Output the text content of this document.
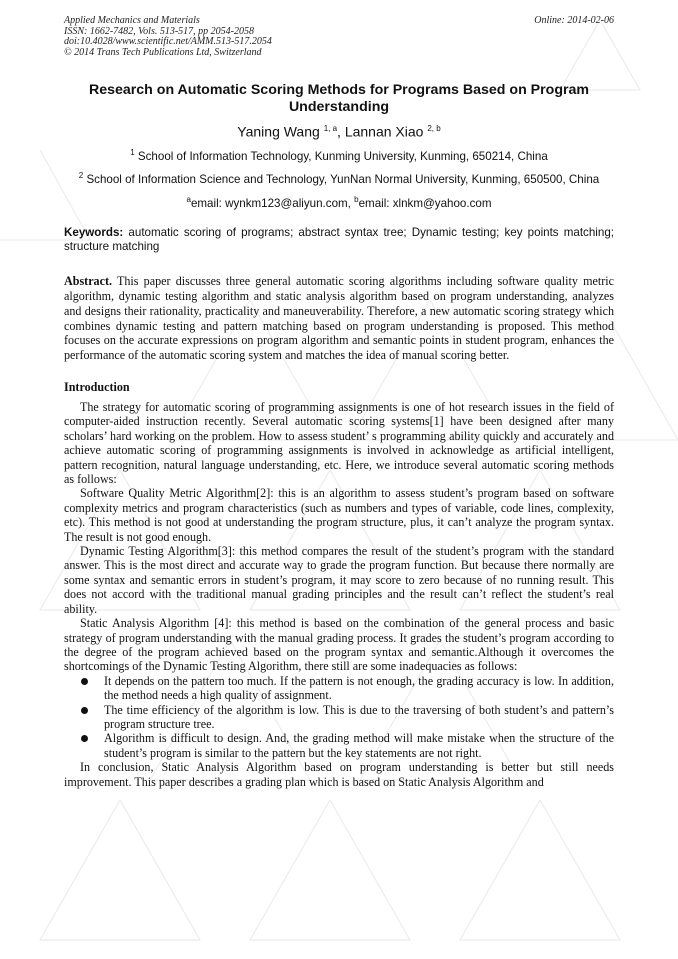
Applied Mechanics and Materials
ISSN: 1662-7482, Vols. 513-517, pp 2054-2058
doi:10.4028/www.scientific.net/AMM.513-517.2054
© 2014 Trans Tech Publications Ltd, Switzerland
Online: 2014-02-06
Research on Automatic Scoring Methods for Programs Based on Program Understanding
Yaning Wang $^{1, a}$, Lannan Xiao $^{2, b}$
$^1$ School of Information Technology, Kunming University, Kunming, 650214, China
$^2$ School of Information Science and Technology, YunNan Normal University, Kunming, 650500, China
$^a$email: wynkm123@aliyun.com, $^b$email: xlnkm@yahoo.com
Keywords: automatic scoring of programs; abstract syntax tree; Dynamic testing; key points matching; structure matching
Abstract. This paper discusses three general automatic scoring algorithms including software quality metric algorithm, dynamic testing algorithm and static analysis algorithm based on program understanding, analyzes and designs their rationality, practicality and maneuverability. Therefore, a new automatic scoring strategy which combines dynamic testing and pattern matching based on program understanding is proposed. This method focuses on the accurate expressions on program algorithm and semantic points in student program, enhances the performance of the automatic scoring system and matches the idea of manual scoring better.
Introduction

The strategy for automatic scoring of programming assignments is one of hot research issues in the field of computer-aided instruction recently. Several automatic scoring systems[1] have been designed after many scholars’ hard working on the problem. How to assess student’ s programming ability quickly and accurately and achieve automatic scoring of programming assignments is involved in acknowledge as artificial intelligent, pattern recognition, natural language understanding, etc. Here, we introduce several automatic scoring methods as follows:

Software Quality Metric Algorithm[2]: this is an algorithm to assess student’s program based on software complexity metrics and program characteristics (such as numbers and types of variable, code lines, complexity, etc). This method is not good at understanding the program structure, plus, it can’t analyze the program syntax. The result is not good enough.

Dynamic Testing Algorithm[3]: this method compares the result of the student’s program with the standard answer. This is the most direct and accurate way to grade the program function. But because there normally are some syntax and semantic errors in student’s program, it may score to zero because of no running result. This does not accord with the traditional manual grading principles and the result can’t reflect the student’s real ability.

Static Analysis Algorithm [4]: this method is based on the combination of the general process and basic strategy of program understanding with the manual grading process. It grades the student’s program according to the degree of the program achieved based on the program syntax and semantic.Although it overcomes the shortcomings of the Dynamic Testing Algorithm, there still are some inadequacies as follows:

It depends on the pattern too much. If the pattern is not enough, the grading accuracy is low. In addition, the method needs a high quality of assignment.
The time efficiency of the algorithm is low. This is due to the traversing of both student’s and pattern’s program structure tree.
Algorithm is difficult to design. And, the grading method will make mistake when the structure of the student’s program is similar to the pattern but the key statements are not right.

In conclusion, Static Analysis Algorithm based on program understanding is better but still needs improvement. This paper describes a grading plan which is based on Static Analysis Algorithm and
